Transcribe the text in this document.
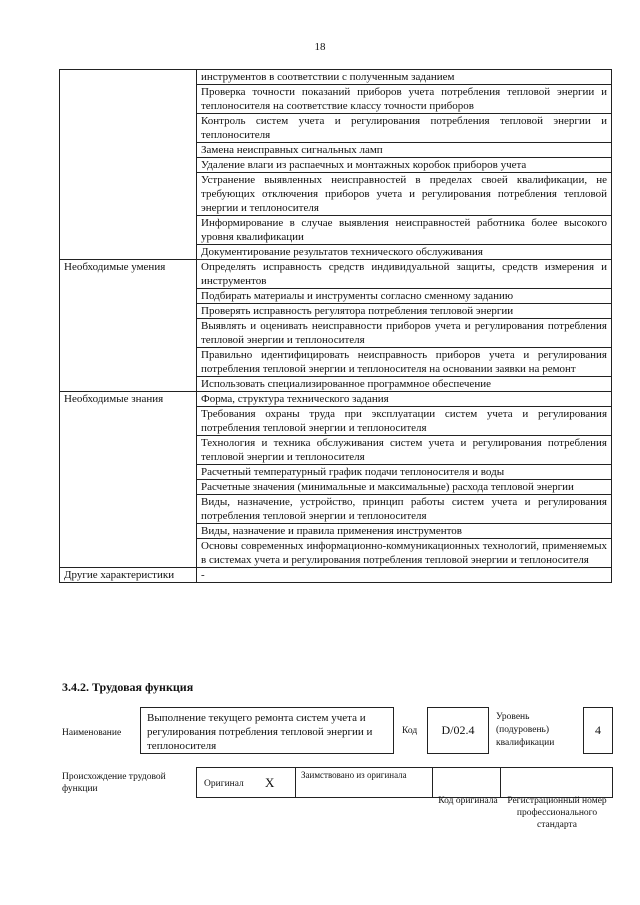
18
	инструментов в соответствии с полученным заданием
	Проверка точности показаний приборов учета потребления тепловой энергии и теплоносителя на соответствие классу точности приборов
	Контроль систем учета и регулирования потребления тепловой энергии и теплоносителя
	Замена неисправных сигнальных ламп
	Удаление влаги из распаечных и монтажных коробок приборов учета
	Устранение выявленных неисправностей в пределах своей квалификации, не требующих отключения приборов учета и регулирования потребления тепловой энергии и теплоносителя
	Информирование в случае выявления неисправностей работника более высокого уровня квалификации
	Документирование результатов технического обслуживания
Необходимые умения	Определять исправность средств индивидуальной защиты, средств измерения и инструментов
	Подбирать материалы и инструменты согласно сменному заданию
	Проверять исправность регулятора потребления тепловой энергии
	Выявлять и оценивать неисправности приборов учета и регулирования потребления тепловой энергии и теплоносителя
	Правильно идентифицировать неисправность приборов учета и регулирования потребления тепловой энергии и теплоносителя на основании заявки на ремонт
	Использовать специализированное программное обеспечение
Необходимые знания	Форма, структура технического задания
	Требования охраны труда при эксплуатации систем учета и регулирования потребления тепловой энергии и теплоносителя
	Технология и техника обслуживания систем учета и регулирования потребления тепловой энергии и теплоносителя
	Расчетный температурный график подачи теплоносителя и воды
	Расчетные значения (минимальные и максимальные) расхода тепловой энергии
	Виды, назначение, устройство, принцип работы систем учета и регулирования потребления тепловой энергии и теплоносителя
	Виды, назначение и правила применения инструментов
	Основы современных информационно-коммуникационных технологий, применяемых в системах учета и регулирования потребления тепловой энергии и теплоносителя
Другие характеристики	-
3.4.2. Трудовая функция
Наименование
Выполнение текущего ремонта систем учета и регулирования потребления тепловой энергии и теплоносителя
Код	D/02.4
Уровень (подуровень) квалификации
4
Происхождение трудовой функции	Оригинал X	Заимствовано из оригинала
Код оригинала	Регистрационный номер профессионального стандарта
